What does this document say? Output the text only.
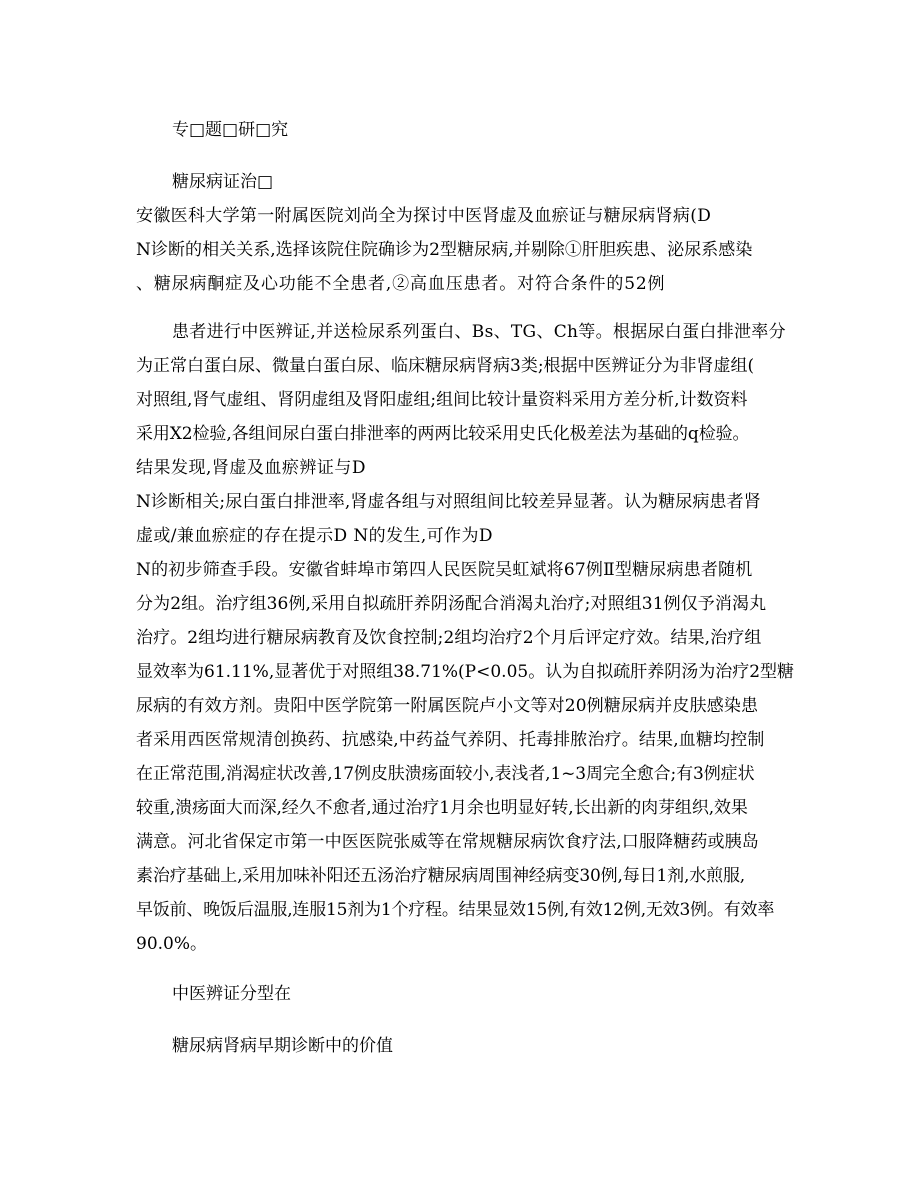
专□题□研□究
糖尿病证治□
安徽医科大学第一附属医院刘尚全为探讨中医肾虚及血瘀证与糖尿病肾病(D
N诊断的相关关系,选择该院住院确诊为2型糖尿病,并剔除①肝胆疾患、泌尿系感染
、糖尿病酮症及心功能不全患者,②高血压患者。对符合条件的52例
患者进行中医辨证,并送检尿系列蛋白、Bs、TG、Ch等。根据尿白蛋白排泄率分
为正常白蛋白尿、微量白蛋白尿、临床糖尿病肾病3类;根据中医辨证分为非肾虚组(
对照组,肾气虚组、肾阴虚组及肾阳虚组;组间比较计量资料采用方差分析,计数资料
采用X2检验,各组间尿白蛋白排泄率的两两比较采用史氏化极差法为基础的q检验。
结果发现,肾虚及血瘀辨证与D
N诊断相关;尿白蛋白排泄率,肾虚各组与对照组间比较差异显著。认为糖尿病患者肾
虚或/兼血瘀症的存在提示D N的发生,可作为D
N的初步筛查手段。安徽省蚌埠市第四人民医院吴虹斌将67例Ⅱ型糖尿病患者随机
分为2组。治疗组36例,采用自拟疏肝养阴汤配合消渴丸治疗;对照组31例仅予消渴丸
治疗。2组均进行糖尿病教育及饮食控制;2组均治疗2个月后评定疗效。结果,治疗组
显效率为61.11%,显著优于对照组38.71%(P<0.05。认为自拟疏肝养阴汤为治疗2型糖
尿病的有效方剂。贵阳中医学院第一附属医院卢小文等对20例糖尿病并皮肤感染患
者采用西医常规清创换药、抗感染,中药益气养阴、托毒排脓治疗。结果,血糖均控制
在正常范围,消渴症状改善,17例皮肤溃疡面较小,表浅者,1~3周完全愈合;有3例症状
较重,溃疡面大而深,经久不愈者,通过治疗1月余也明显好转,长出新的肉芽组织,效果
满意。河北省保定市第一中医医院张威等在常规糖尿病饮食疗法,口服降糖药或胰岛
素治疗基础上,采用加味补阳还五汤治疗糖尿病周围神经病变30例,每日1剂,水煎服,
早饭前、晚饭后温服,连服15剂为1个疗程。结果显效15例,有效12例,无效3例。有效率
90.0%。
中医辨证分型在
糖尿病肾病早期诊断中的价值
